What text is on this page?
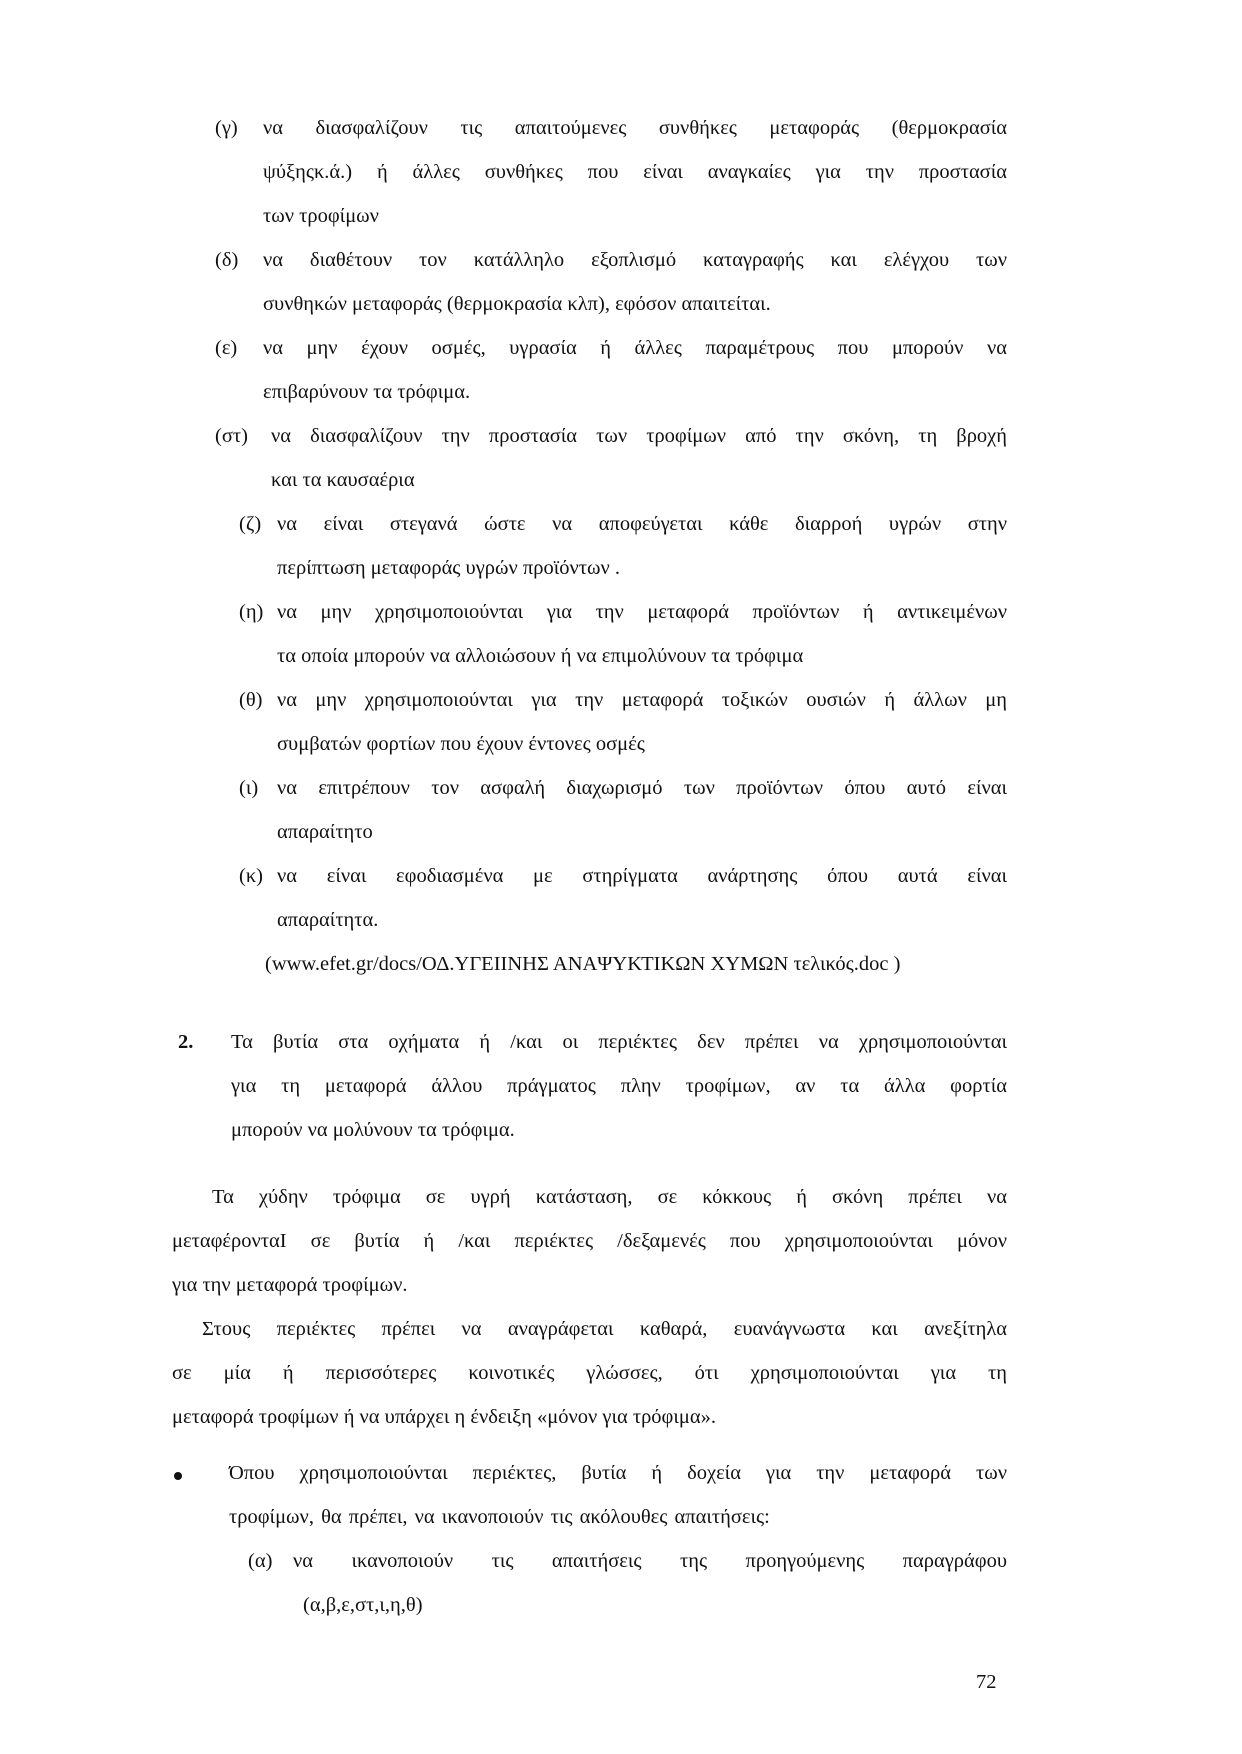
(γ) να διασφαλίζουν τις απαιτούμενες συνθήκες μεταφοράς (θερμοκρασία
ψύξηςκ.ά.) ή άλλες συνθήκες που είναι αναγκαίες για την προστασία
των τροφίμων
(δ) να διαθέτουν τον κατάλληλο εξοπλισμό καταγραφής και ελέγχου των
συνθηκών μεταφοράς (θερμοκρασία κλπ), εφόσον απαιτείται.
(ε) να μην έχουν οσμές, υγρασία ή άλλες παραμέτρους που μπορούν να
επιβαρύνουν τα τρόφιμα.
(στ) να διασφαλίζουν την προστασία των τροφίμων από την σκόνη, τη βροχή
και τα καυσαέρια
(ζ) να είναι στεγανά ώστε να αποφεύγεται κάθε διαρροή υγρών στην
περίπτωση μεταφοράς υγρών προϊόντων .
(η) να μην χρησιμοποιούνται για την μεταφορά προϊόντων ή αντικειμένων
τα οποία μπορούν να αλλοιώσουν ή να επιμολύνουν τα τρόφιμα
(θ) να μην χρησιμοποιούνται για την μεταφορά τοξικών ουσιών ή άλλων μη
συμβατών φορτίων που έχουν έντονες οσμές
(ι) να επιτρέπουν τον ασφαλή διαχωρισμό των προϊόντων όπου αυτό είναι
απαραίτητο
(κ) να είναι εφοδιασμένα με στηρίγματα ανάρτησης όπου αυτά είναι
απαραίτητα.
(www.efet.gr/docs/ΟΔ.ΥΓΕΙΙΝΗΣ ΑΝΑΨΥΚΤΙΚΩΝ ΧΥΜΩΝ τελικός.doc )
2. Τα βυτία στα οχήματα ή /και οι περιέκτες δεν πρέπει να χρησιμοποιούνται
για τη μεταφορά άλλου πράγματος πλην τροφίμων, αν τα άλλα φορτία
μπορούν να μολύνουν τα τρόφιμα.
Τα χύδην τρόφιμα σε υγρή κατάσταση, σε κόκκους ή σκόνη πρέπει να
μεταφέρονταΙ σε βυτία ή /και περιέκτες /δεξαμενές που χρησιμοποιούνται μόνον
για την μεταφορά τροφίμων.
Στους περιέκτες πρέπει να αναγράφεται καθαρά, ευανάγνωστα και ανεξίτηλα
σε μία ή περισσότερες κοινοτικές γλώσσες, ότι χρησιμοποιούνται για τη
μεταφορά τροφίμων ή να υπάρχει η ένδειξη «μόνον για τρόφιμα».
Όπου χρησιμοποιούνται περιέκτες, βυτία ή δοχεία για την μεταφορά των
τροφίμων, θα πρέπει, να ικανοποιούν τις ακόλουθες απαιτήσεις:
(α) να ικανοποιούν τις απαιτήσεις της προηγούμενης παραγράφου
(α,β,ε,στ,ι,η,θ)
72
